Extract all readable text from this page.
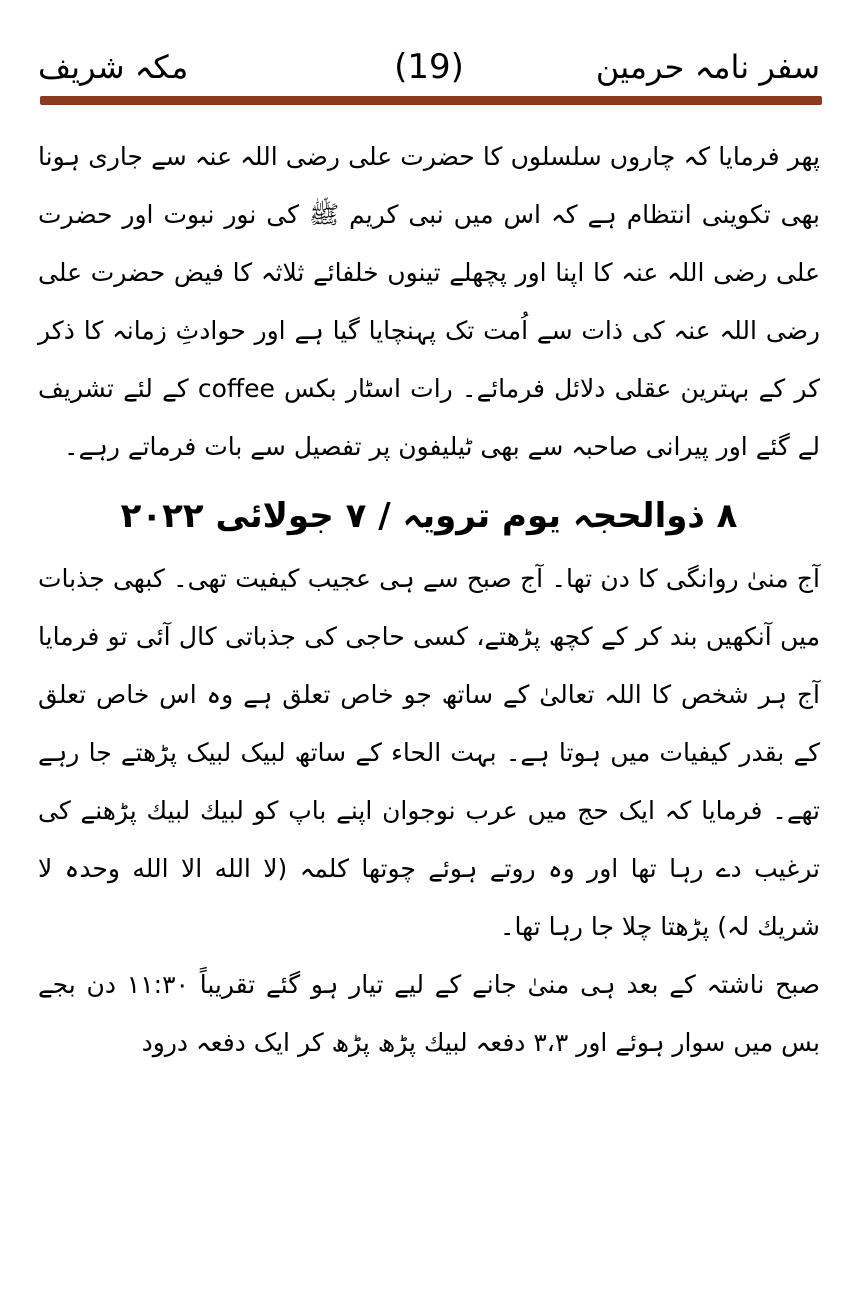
مکہ شریف	(19)	سفر نامہ حرمین

پھر فرمایا کہ چاروں سلسلوں کا حضرت علی رضی اللہ عنہ سے جاری ہونا بھی تکوینی انتظام ہے کہ اس میں نبی کریم ﷺ کی نور نبوت اور حضرت علی رضی اللہ عنہ کا اپنا اور پچھلے تینوں خلفائے ثلاثہ کا فیض حضرت علی رضی اللہ عنہ کی ذات سے اُمت تک پہنچایا گیا ہے اور حوادثِ زمانہ کا ذکر کر کے بہترین عقلی دلائل فرمائے۔ رات اسٹار بکس coffee کے لئے تشریف لے گئے اور پیرانی صاحبہ سے بھی ٹیلیفون پر تفصیل سے بات فرماتے رہے۔

۸ ذوالحجہ یوم ترویہ / ۷ جولائی ۲۰۲۲

آج منیٰ روانگی کا دن تھا۔ آج صبح سے ہی عجیب کیفیت تھی۔ کبھی جذبات میں آنکھیں بند کر کے کچھ پڑھتے، کسی حاجی کی جذباتی کال آئی تو فرمایا آج ہر شخص کا اللہ تعالیٰ کے ساتھ جو خاص تعلق ہے وہ اس خاص تعلق کے بقدر کیفیات میں ہوتا ہے۔ بہت الحاء کے ساتھ لبیک لبیک پڑھتے جا رہے تھے۔ فرمایا کہ ایک حج میں عرب نوجوان اپنے باپ کو لبیك لبیك پڑھنے کی ترغیب دے رہا تھا اور وہ روتے ہوئے چوتھا کلمہ (لا الله الا الله وحدہ لا شریك لہ) پڑھتا چلا جا رہا تھا۔

صبح ناشتہ کے بعد ہی منیٰ جانے کے لیے تیار ہو گئے تقریباً ۱۱:۳۰ دن بجے بس میں سوار ہوئے اور ۳،۳ دفعہ لبیك پڑھ پڑھ کر ایک دفعہ درود
